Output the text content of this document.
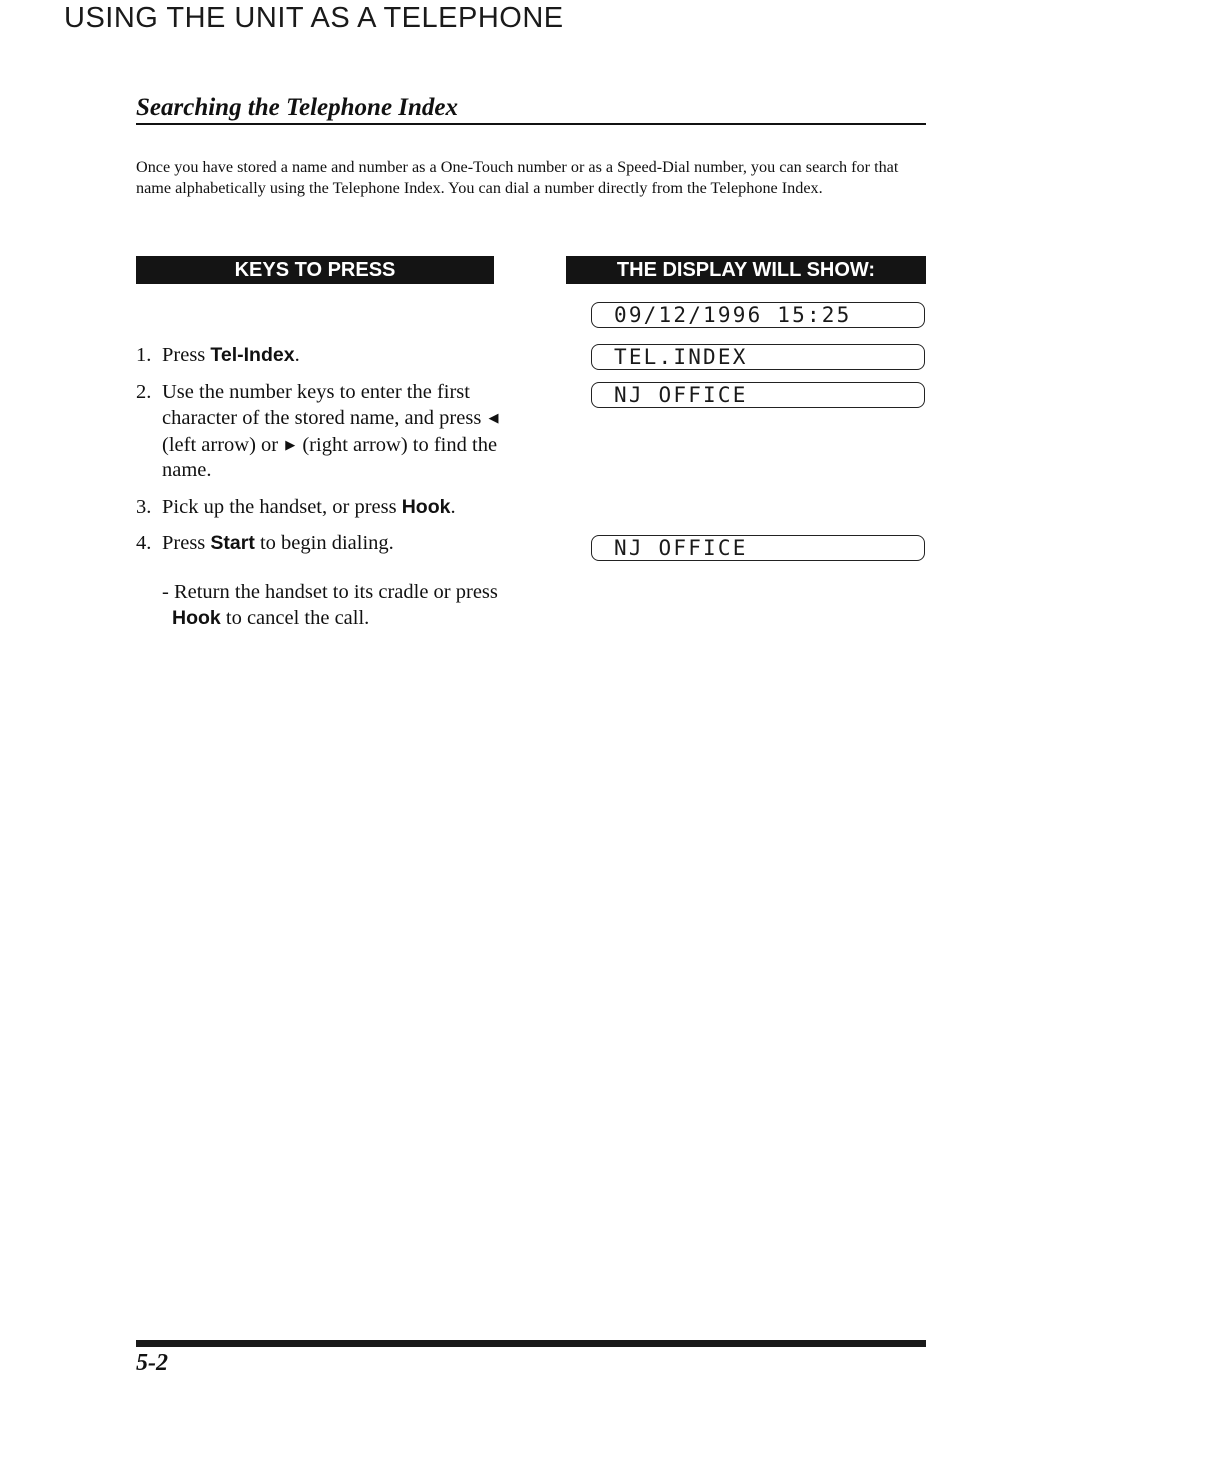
USING THE UNIT AS A TELEPHONE
Searching the Telephone Index

Once you have stored a name and number as a One-Touch number or as a Speed-Dial number, you can search for that name alphabetically using the Telephone Index. You can dial a number directly from the Telephone Index.

KEYS TO PRESS	THE DISPLAY WILL SHOW:
1. Press Tel-Index.
2. Use the number keys to enter the first character of the stored name, and press ◀ (left arrow) or ▶ (right arrow) to find the name.
3. Pick up the handset, or press Hook.
4. Press Start to begin dialing.
- Return the handset to its cradle or press Hook to cancel the call.
09/12/1996 15:25
TEL.INDEX
NJ OFFICE
NJ OFFICE
5-2
